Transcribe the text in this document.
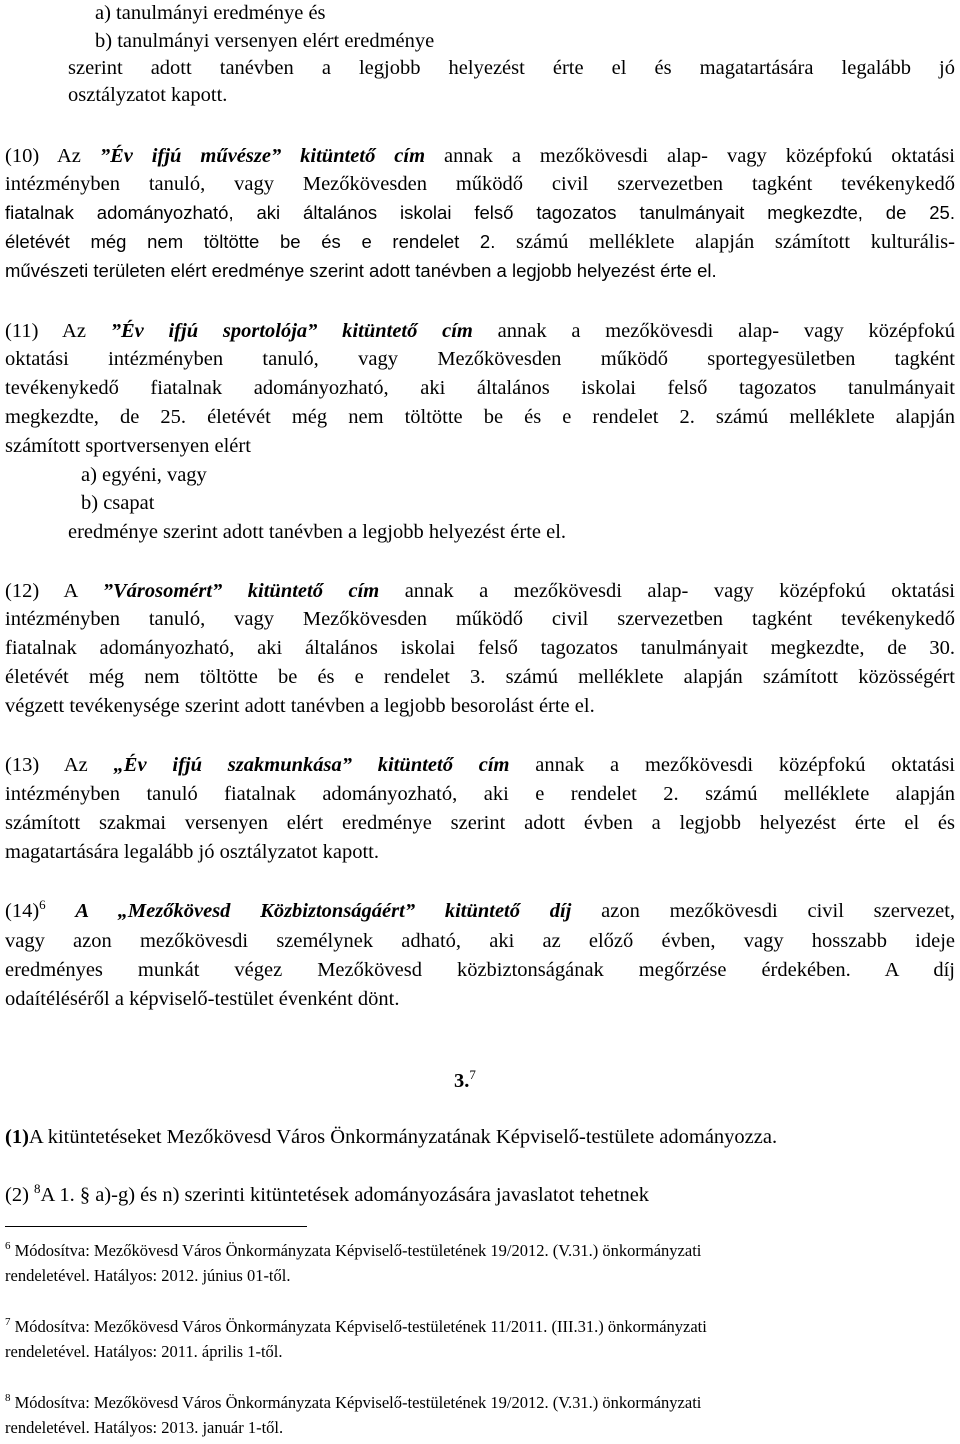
a) tanulmányi eredménye és
b) tanulmányi versenyen elért eredménye
szerint adott tanévben a legjobb helyezést érte el és magatartására legalább jó
osztályzatot kapott.
(10) Az ”Év ifjú művésze” kitüntető cím annak a mezőkövesdi alap- vagy középfokú oktatási
intézményben tanuló, vagy Mezőkövesden működő civil szervezetben tagként tevékenykedő
fiatalnak adományozható, aki általános iskolai felső tagozatos tanulmányait megkezdte, de 25.
életévét még nem töltötte be és e rendelet 2. számú melléklete alapján számított kulturális-
művészeti területen elért eredménye szerint adott tanévben a legjobb helyezést érte el.
(11) Az ”Év ifjú sportolója” kitüntető cím annak a mezőkövesdi alap- vagy középfokú
oktatási intézményben tanuló, vagy Mezőkövesden működő sportegyesületben tagként
tevékenykedő fiatalnak adományozható, aki általános iskolai felső tagozatos tanulmányait
megkezdte, de 25. életévét még nem töltötte be és e rendelet 2. számú melléklete alapján
számított sportversenyen elért
a) egyéni, vagy
b) csapat
eredménye szerint adott tanévben a legjobb helyezést érte el.
(12) A ”Városomért” kitüntető cím annak a mezőkövesdi alap- vagy középfokú oktatási
intézményben tanuló, vagy Mezőkövesden működő civil szervezetben tagként tevékenykedő
fiatalnak adományozható, aki általános iskolai felső tagozatos tanulmányait megkezdte, de 30.
életévét még nem töltötte be és e rendelet 3. számú melléklete alapján számított közösségért
végzett tevékenysége szerint adott tanévben a legjobb besorolást érte el.
(13) Az „Év ifjú szakmunkása” kitüntető cím annak a mezőkövesdi középfokú oktatási
intézményben tanuló fiatalnak adományozható, aki e rendelet 2. számú melléklete alapján
számított szakmai versenyen elért eredménye szerint adott évben a legjobb helyezést érte el és
magatartására legalább jó osztályzatot kapott.
$(14)^6$ A „Mezőkövesd Közbiztonságáért” kitüntető díj azon mezőkövesdi civil szervezet,
vagy azon mezőkövesdi személynek adható, aki az előző évben, vagy hosszabb ideje
eredményes munkát végez Mezőkövesd közbiztonságának megőrzése érdekében. A díj
odaítéléséről a képviselő-testület évenként dönt.
3.$^7$
(1)A kitüntetéseket Mezőkövesd Város Önkormányzatának Képviselő-testülete adományozza.
(2) $^8$A 1. § a)-g) és n) szerinti kitüntetések adományozására javaslatot tehetnek
$^6$ Módosítva: Mezőkövesd Város Önkormányzata Képviselő-testületének 19/2012. (V.31.) önkormányzati
rendeletével. Hatályos: 2012. június 01-től.
$^7$ Módosítva: Mezőkövesd Város Önkormányzata Képviselő-testületének 11/2011. (III.31.) önkormányzati
rendeletével. Hatályos: 2011. április 1-től.
$^8$ Módosítva: Mezőkövesd Város Önkormányzata Képviselő-testületének 19/2012. (V.31.) önkormányzati
rendeletével. Hatályos: 2013. január 1-től.
